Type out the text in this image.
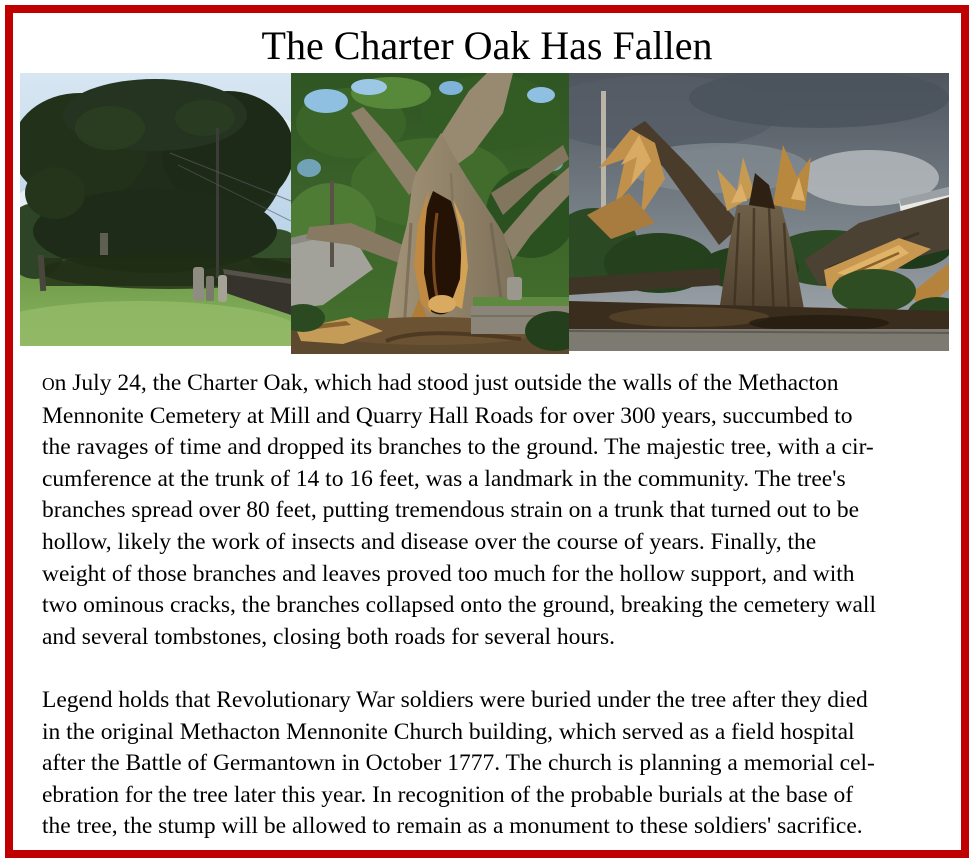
The Charter Oak Has Fallen
On July 24, the Charter Oak, which had stood just outside the walls of the Methacton
Mennonite Cemetery at Mill and Quarry Hall Roads for over 300 years, succumbed to
the ravages of time and dropped its branches to the ground. The majestic tree, with a cir-
cumference at the trunk of 14 to 16 feet, was a landmark in the community. The tree's
branches spread over 80 feet, putting tremendous strain on a trunk that turned out to be
hollow, likely the work of insects and disease over the course of years. Finally, the
weight of those branches and leaves proved too much for the hollow support, and with
two ominous cracks, the branches collapsed onto the ground, breaking the cemetery wall
and several tombstones, closing both roads for several hours.
Legend holds that Revolutionary War soldiers were buried under the tree after they died
in the original Methacton Mennonite Church building, which served as a field hospital
after the Battle of Germantown in October 1777. The church is planning a memorial cel-
ebration for the tree later this year. In recognition of the probable burials at the base of
the tree, the stump will be allowed to remain as a monument to these soldiers' sacrifice.
